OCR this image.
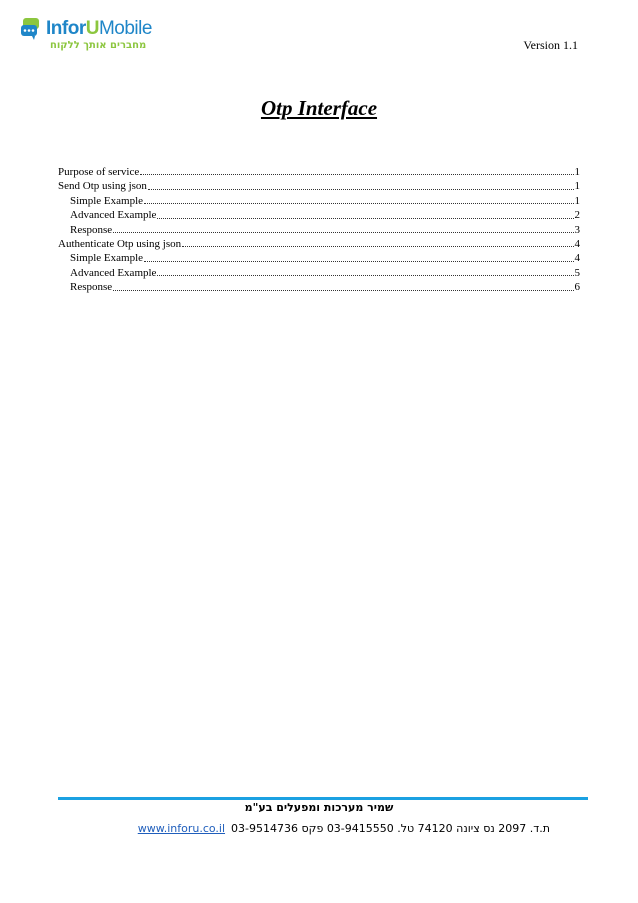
InforUMobile
מחברים אותך ללקוח	Version 1.1
Otp Interface
Purpose of service	1
Send Otp using json	1
Simple Example	1
Advanced Example	2
Response	3
Authenticate Otp using json	4
Simple Example	4
Advanced Example	5
Response	6
שמיר מערכות ומפעלים בע"מ
ת.ד. 2097 נס ציונה 74120 טל. 03-9415550 פקס 03-9514736
www.inforu.co.il
